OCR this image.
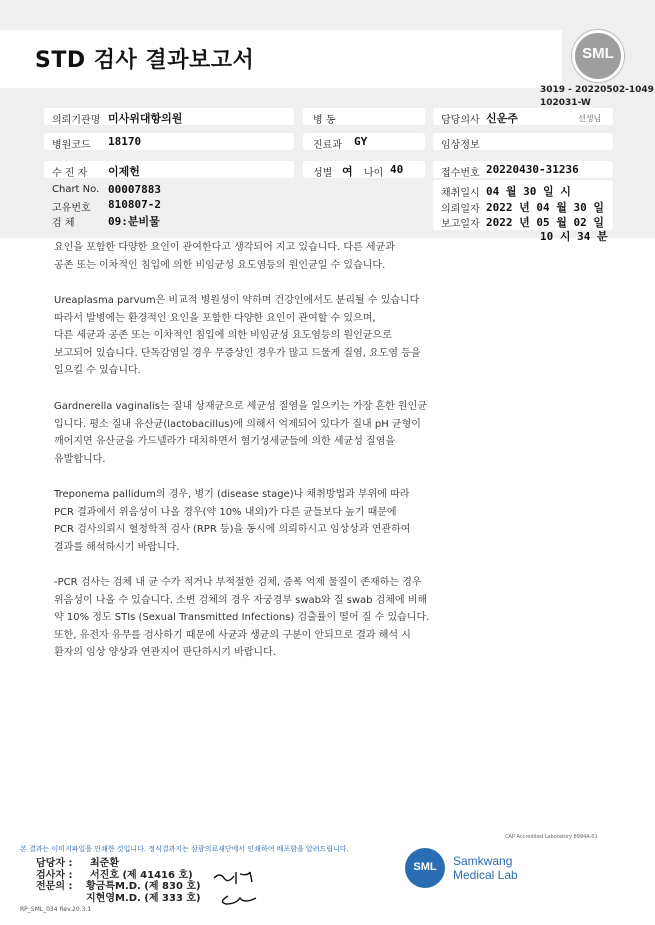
STD 검사 결과보고서	SML
3019 - 20220502-1049
102031-W
의뢰기관명 미사위대항의원	병 동	담당의사 신운주	선생님
병원코드 18170	진료과 GY	임상정보
수 진 자 이제헌	성별 여 나이 40	접수번호 20220430-31236
Chart No. 00007883
고유번호 810807-2
검 체	09:분비물
채취일시 04 월 30 일 시
의뢰일자 2022 년 04 월 30 일
보고일자 2022 년 05 월 02 일
10 시 34 분
요인을 포함한 다양한 요인이 관여한다고 생각되어 지고 있습니다. 다른 세균과
공존 또는 이차적인 침입에 의한 비임균성 요도염등의 원인균일 수 있습니다.
Ureaplasma parvum은 비교적 병원성이 약하며 건강인에서도 분리될 수 있습니다
따라서 발병에는 환경적인 요인을 포함한 다양한 요인이 관여할 수 있으며,
다른 세균과 공존 또는 이차적인 침입에 의한 비임균성 요도염등의 원인균으로
보고되어 있습니다. 단독감염일 경우 무증상인 경우가 많고 드물게 질염, 요도염 등을
일으킬 수 있습니다.
Gardnerella vaginalis는 질내 상재균으로 세균성 질염을 일으키는 가장 흔한 원인균
입니다. 평소 질내 유산균(lactobacillus)에 의해서 억제되어 있다가 질내 pH 균형이
깨어지면 유산균을 가드넬라가 대치하면서 혐기성세균들에 의한 세균성 질염을
유발합니다.
Treponema pallidum의 경우, 병기 (disease stage)나 채취방법과 부위에 따라
PCR 결과에서 위음성이 나올 경우(약 10% 내외)가 다른 균들보다 높기 때문에
PCR 검사의뢰시 혈청학적 검사 (RPR 등)을 동시에 의뢰하시고 임상상과 연관하여
결과를 해석하시기 바랍니다.
-PCR 검사는 검체 내 균 수가 적거나 부적절한 검체, 증폭 억제 물질이 존재하는 경우
위음성이 나올 수 있습니다. 소변 검체의 경우 자궁경부 swab와 질 swab 검체에 비해
약 10% 정도 STIs (Sexual Transmitted Infections) 검출률이 떨어 질 수 있습니다.
또한, 유전자 유무를 검사하기 때문에 사균과 생균의 구분이 안되므로 결과 해석 시
환자의 임상 양상과 연관지어 판단하시기 바랍니다.
본 결과는 이미지파일을 인쇄한 것입니다. 정식결과지는 삼광의료재단에서 인쇄하여 배포함을 알려드립니다.
CAP Accredited Laboratory 8994A-01
담당자 : 최준환
검사자 : 서진호 (제 41416 호)
전문의 : 황금특M.D. (제 830 호)
지현영M.D. (제 333 호)
SML	Samkwang
Medical Lab
RP_SML_034 Rev.20.3.1
